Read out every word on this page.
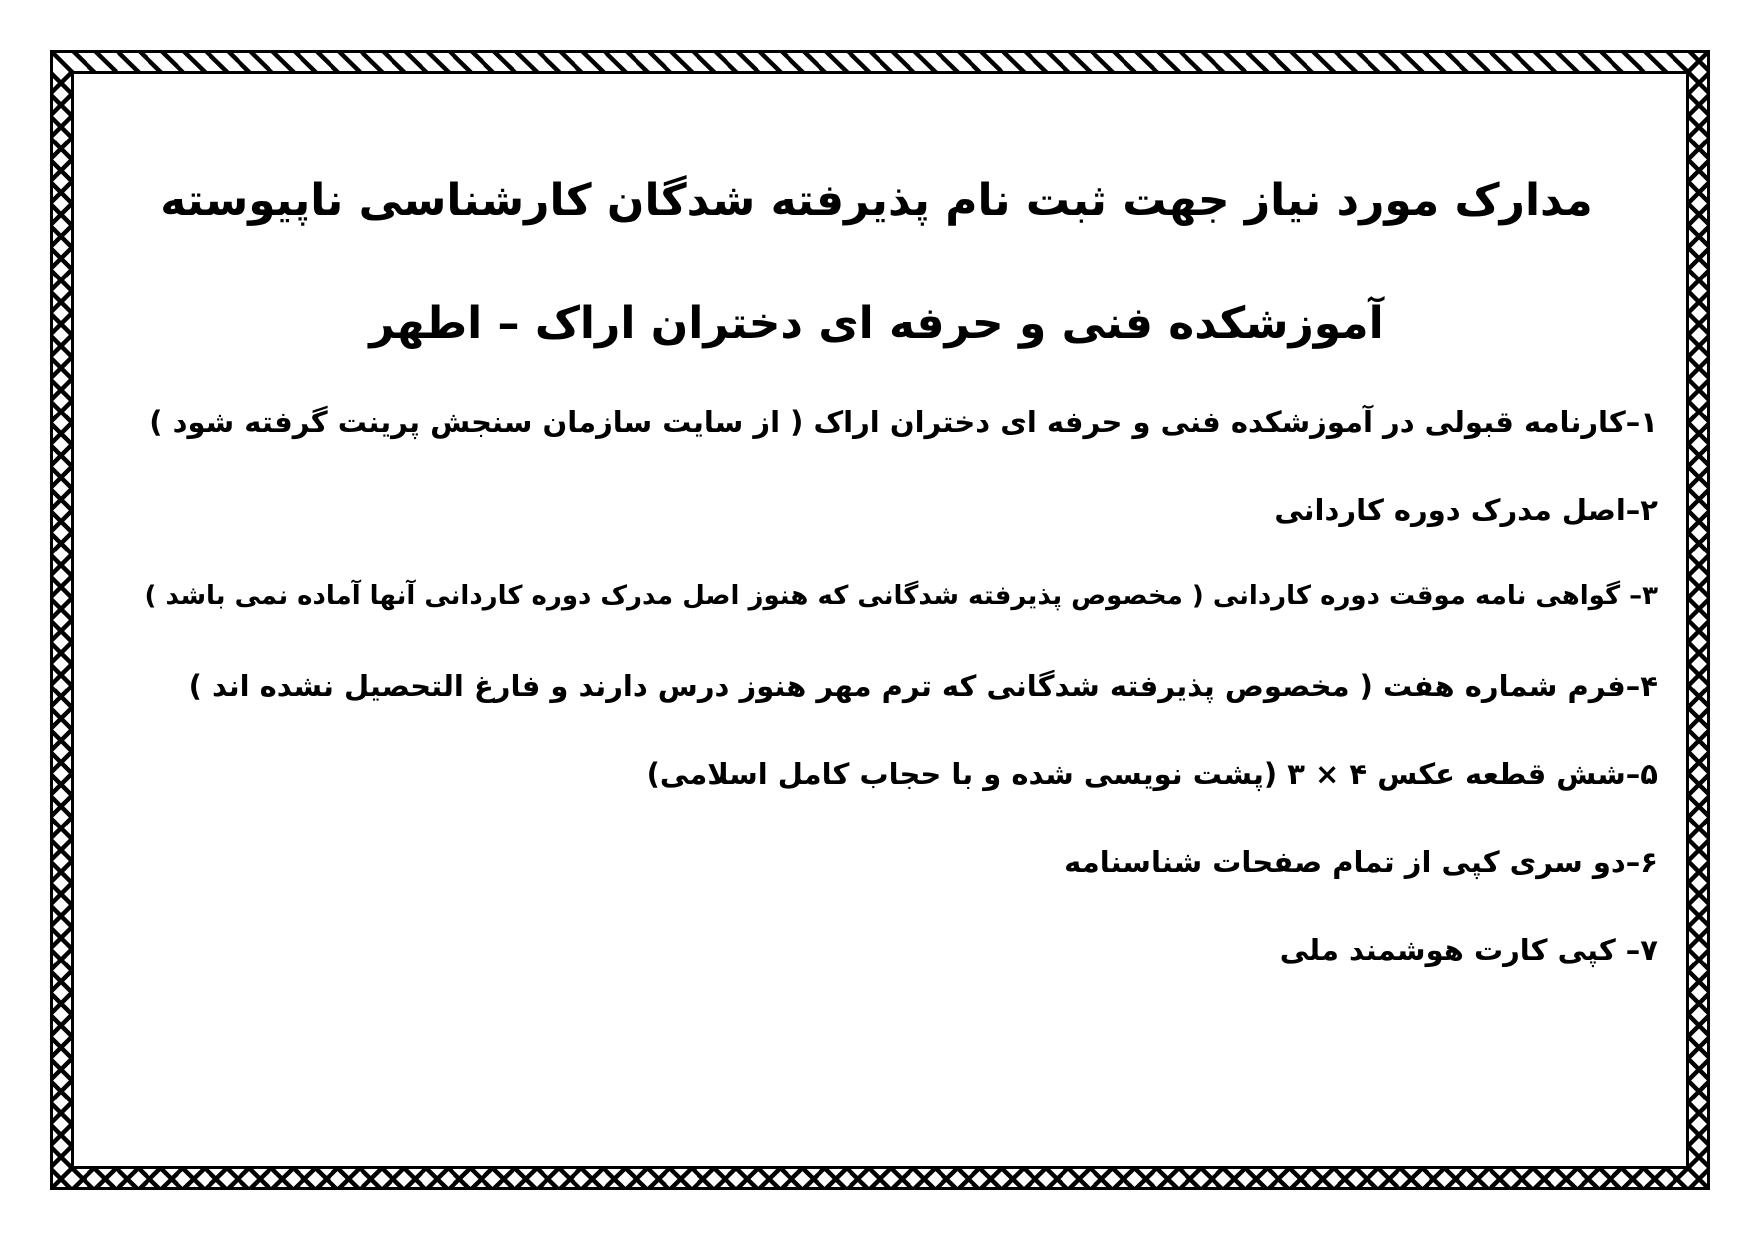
مدارک مورد نیاز جهت ثبت نام پذیرفته شدگان کارشناسی ناپیوسته
آموزشکده فنی و حرفه ای دختران اراک – اطهر
۱–کارنامه قبولی در آموزشکده فنی و حرفه ای دختران اراک ( از سایت سازمان سنجش پرینت گرفته شود )
۲–اصل مدرک دوره کاردانی
۳– گواهی نامه موقت دوره کاردانی ( مخصوص پذیرفته شدگانی که هنوز اصل مدرک دوره کاردانی آنها آماده نمی باشد )
۴–فرم شماره هفت ( مخصوص پذیرفته شدگانی که ترم مهر هنوز درس دارند و فارغ التحصیل نشده اند )
۵–شش قطعه عکس ۴ × ۳ (پشت نویسی شده و با حجاب کامل اسلامی)
۶–دو سری کپی از تمام صفحات شناسنامه
۷– کپی کارت هوشمند ملی
